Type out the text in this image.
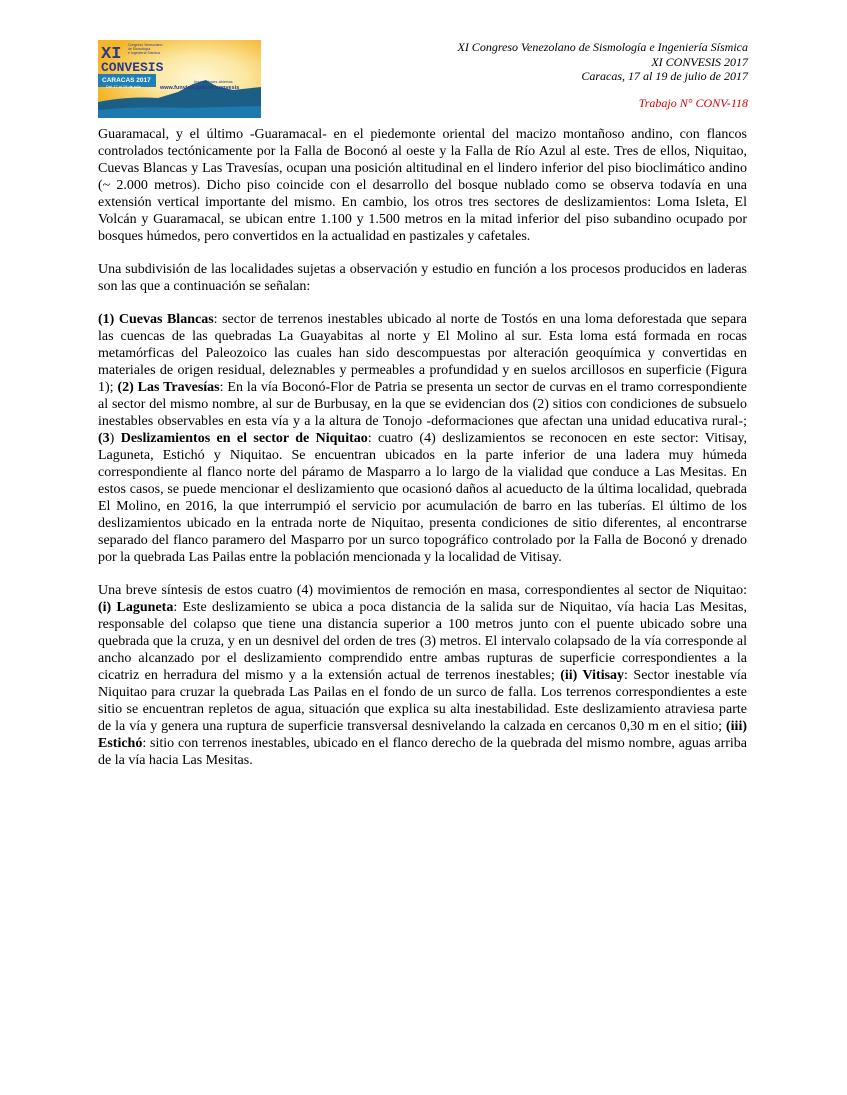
XI
CONVESIS
Congreso Venezolano
de Sismología
e Ingeniería Sísmica
CARACAS 2017
Del 17 al 19 de julio
Inscripciones abiertas
www.funvisis.gob.ve/convesis
XI Congreso Venezolano de Sismología e Ingeniería Sísmica
XI CONVESIS 2017
Caracas, 17 al 19 de julio de 2017
Trabajo N° CONV-118

Guaramacal, y el último -Guaramacal- en el piedemonte oriental del macizo montañoso andino, con flancos controlados tectónicamente por la Falla de Boconó al oeste y la Falla de Río Azul al este. Tres de ellos, Niquitao, Cuevas Blancas y Las Travesías, ocupan una posición altitudinal en el lindero inferior del piso bioclimático andino (~ 2.000 metros). Dicho piso coincide con el desarrollo del bosque nublado como se observa todavía en una extensión vertical importante del mismo. En cambio, los otros tres sectores de deslizamientos: Loma Isleta, El Volcán y Guaramacal, se ubican entre 1.100 y 1.500 metros en la mitad inferior del piso subandino ocupado por bosques húmedos, pero convertidos en la actualidad en pastizales y cafetales.

Una subdivisión de las localidades sujetas a observación y estudio en función a los procesos producidos en laderas son las que a continuación se señalan:

(1) Cuevas Blancas: sector de terrenos inestables ubicado al norte de Tostós en una loma deforestada que separa las cuencas de las quebradas La Guayabitas al norte y El Molino al sur. Esta loma está formada en rocas metamórficas del Paleozoico las cuales han sido descompuestas por alteración geoquímica y convertidas en materiales de origen residual, deleznables y permeables a profundidad y en suelos arcillosos en superficie (Figura 1); (2) Las Travesías: En la vía Boconó-Flor de Patria se presenta un sector de curvas en el tramo correspondiente al sector del mismo nombre, al sur de Burbusay, en la que se evidencian dos (2) sitios con condiciones de subsuelo inestables observables en esta vía y a la altura de Tonojo -deformaciones que afectan una unidad educativa rural-; (3) Deslizamientos en el sector de Niquitao: cuatro (4) deslizamientos se reconocen en este sector: Vitisay, Laguneta, Estichó y Niquitao. Se encuentran ubicados en la parte inferior de una ladera muy húmeda correspondiente al flanco norte del páramo de Masparro a lo largo de la vialidad que conduce a Las Mesitas. En estos casos, se puede mencionar el deslizamiento que ocasionó daños al acueducto de la última localidad, quebrada El Molino, en 2016, la que interrumpió el servicio por acumulación de barro en las tuberías. El último de los deslizamientos ubicado en la entrada norte de Niquitao, presenta condiciones de sitio diferentes, al encontrarse separado del flanco paramero del Masparro por un surco topográfico controlado por la Falla de Boconó y drenado por la quebrada Las Pailas entre la población mencionada y la localidad de Vitisay.

Una breve síntesis de estos cuatro (4) movimientos de remoción en masa, correspondientes al sector de Niquitao: (i) Laguneta: Este deslizamiento se ubica a poca distancia de la salida sur de Niquitao, vía hacia Las Mesitas, responsable del colapso que tiene una distancia superior a 100 metros junto con el puente ubicado sobre una quebrada que la cruza, y en un desnivel del orden de tres (3) metros. El intervalo colapsado de la vía corresponde al ancho alcanzado por el deslizamiento comprendido entre ambas rupturas de superficie correspondientes a la cicatriz en herradura del mismo y a la extensión actual de terrenos inestables; (ii) Vitisay: Sector inestable vía Niquitao para cruzar la quebrada Las Pailas en el fondo de un surco de falla. Los terrenos correspondientes a este sitio se encuentran repletos de agua, situación que explica su alta inestabilidad. Este deslizamiento atraviesa parte de la vía y genera una ruptura de superficie transversal desnivelando la calzada en cercanos 0,30 m en el sitio; (iii) Estichó: sitio con terrenos inestables, ubicado en el flanco derecho de la quebrada del mismo nombre, aguas arriba de la vía hacia Las Mesitas.
